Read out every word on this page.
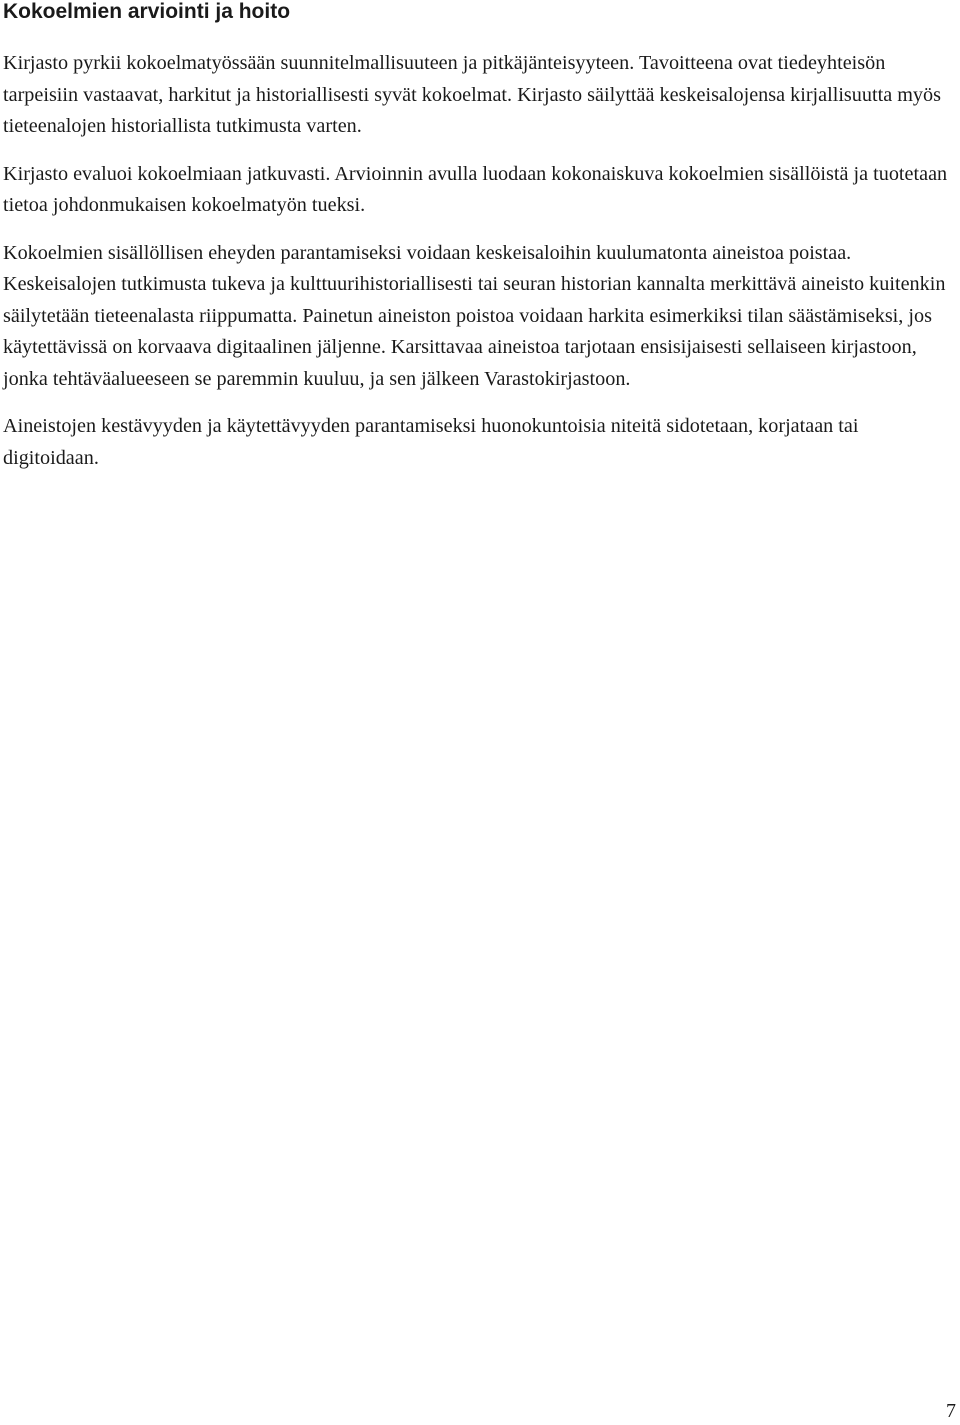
Kokoelmien arviointi ja hoito

Kirjasto pyrkii kokoelmatyössään suunnitelmallisuuteen ja pitkäjänteisyyteen. Tavoitteena ovat tiedeyhteisön tarpeisiin vastaavat, harkitut ja historiallisesti syvät kokoelmat. Kirjasto säilyttää keskeisalojensa kirjallisuutta myös tieteenalojen historiallista tutkimusta varten.

Kirjasto evaluoi kokoelmiaan jatkuvasti. Arvioinnin avulla luodaan kokonaiskuva kokoelmien sisällöistä ja tuotetaan tietoa johdonmukaisen kokoelmatyön tueksi.

Kokoelmien sisällöllisen eheyden parantamiseksi voidaan keskeisaloihin kuulumatonta aineistoa poistaa. Keskeisalojen tutkimusta tukeva ja kulttuurihistoriallisesti tai seuran historian kannalta merkittävä aineisto kuitenkin säilytetään tieteenalasta riippumatta. Painetun aineiston poistoa voidaan harkita esimerkiksi tilan säästämiseksi, jos käytettävissä on korvaava digitaalinen jäljenne. Karsittavaa aineistoa tarjotaan ensisijaisesti sellaiseen kirjastoon, jonka tehtäväalueeseen se paremmin kuuluu, ja sen jälkeen Varastokirjastoon.

Aineistojen kestävyyden ja käytettävyyden parantamiseksi huonokuntoisia niteitä sidotetaan, korjataan tai digitoidaan.

7
